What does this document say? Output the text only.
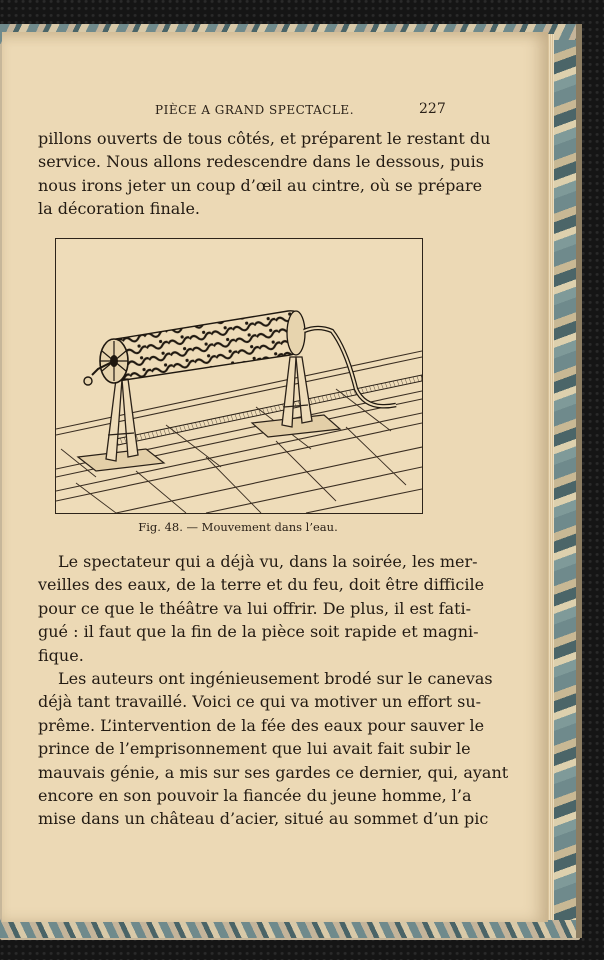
PIÈCE A GRAND SPECTACLE.	227

pillons ouverts de tous côtés, et préparent le restant du
service. Nous allons redescendre dans le dessous, puis
nous irons jeter un coup d’œil au cintre, où se prépare
la décoration finale.

Fig. 48. — Mouvement dans l’eau.

Le spectateur qui a déjà vu, dans la soirée, les mer-
veilles des eaux, de la terre et du feu, doit être difficile
pour ce que le théâtre va lui offrir. De plus, il est fati-
gué : il faut que la fin de la pièce soit rapide et magni-
fique.

Les auteurs ont ingénieusement brodé sur le canevas
déjà tant travaillé. Voici ce qui va motiver un effort su-
prême. L’intervention de la fée des eaux pour sauver le
prince de l’emprisonnement que lui avait fait subir le
mauvais génie, a mis sur ses gardes ce dernier, qui, ayant
encore en son pouvoir la fiancée du jeune homme, l’a
mise dans un château d’acier, situé au sommet d’un pic
